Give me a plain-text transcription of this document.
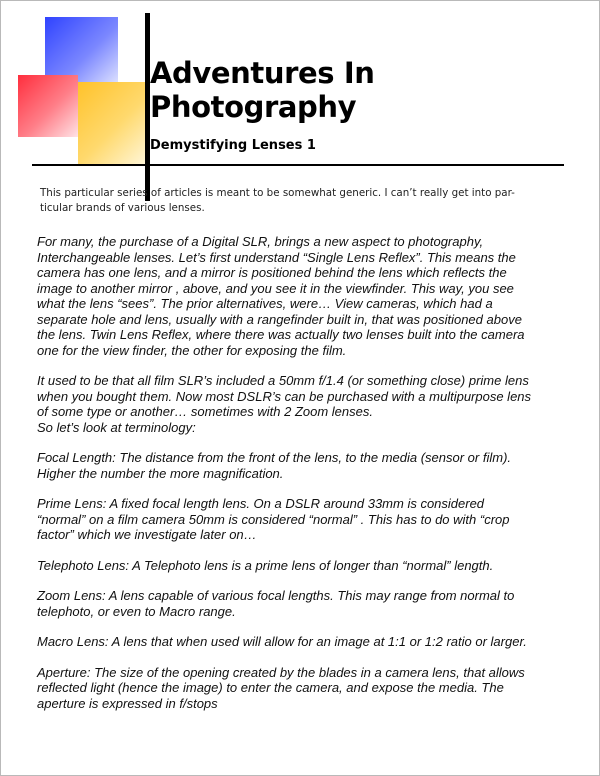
Adventures In
Photography
Demystifying Lenses 1

This particular series of articles is meant to be somewhat generic. I can’t really get into par-
ticular brands of various lenses.

For many, the purchase of a Digital SLR, brings a new aspect to photography,
Interchangeable lenses. Let’s first understand “Single Lens Reflex”. This means the
camera has one lens, and a mirror is positioned behind the lens which reflects the
image to another mirror , above, and you see it in the viewfinder. This way, you see
what the lens “sees”. The prior alternatives, were… View cameras, which had a
separate hole and lens, usually with a rangefinder built in, that was positioned above
the lens. Twin Lens Reflex, where there was actually two lenses built into the camera
one for the view finder, the other for exposing the film.

It used to be that all film SLR’s included a 50mm f/1.4 (or something close) prime lens
when you bought them. Now most DSLR’s can be purchased with a multipurpose lens
of some type or another… sometimes with 2 Zoom lenses.
So let’s look at terminology:

Focal Length: The distance from the front of the lens, to the media (sensor or film).
Higher the number the more magnification.

Prime Lens: A fixed focal length lens. On a DSLR around 33mm is considered
“normal” on a film camera 50mm is considered “normal” . This has to do with “crop
factor” which we investigate later on…

Telephoto Lens: A Telephoto lens is a prime lens of longer than “normal” length.

Zoom Lens: A lens capable of various focal lengths. This may range from normal to
telephoto, or even to Macro range.

Macro Lens: A lens that when used will allow for an image at 1:1 or 1:2 ratio or larger.

Aperture: The size of the opening created by the blades in a camera lens, that allows
reflected light (hence the image) to enter the camera, and expose the media. The
aperture is expressed in f/stops
